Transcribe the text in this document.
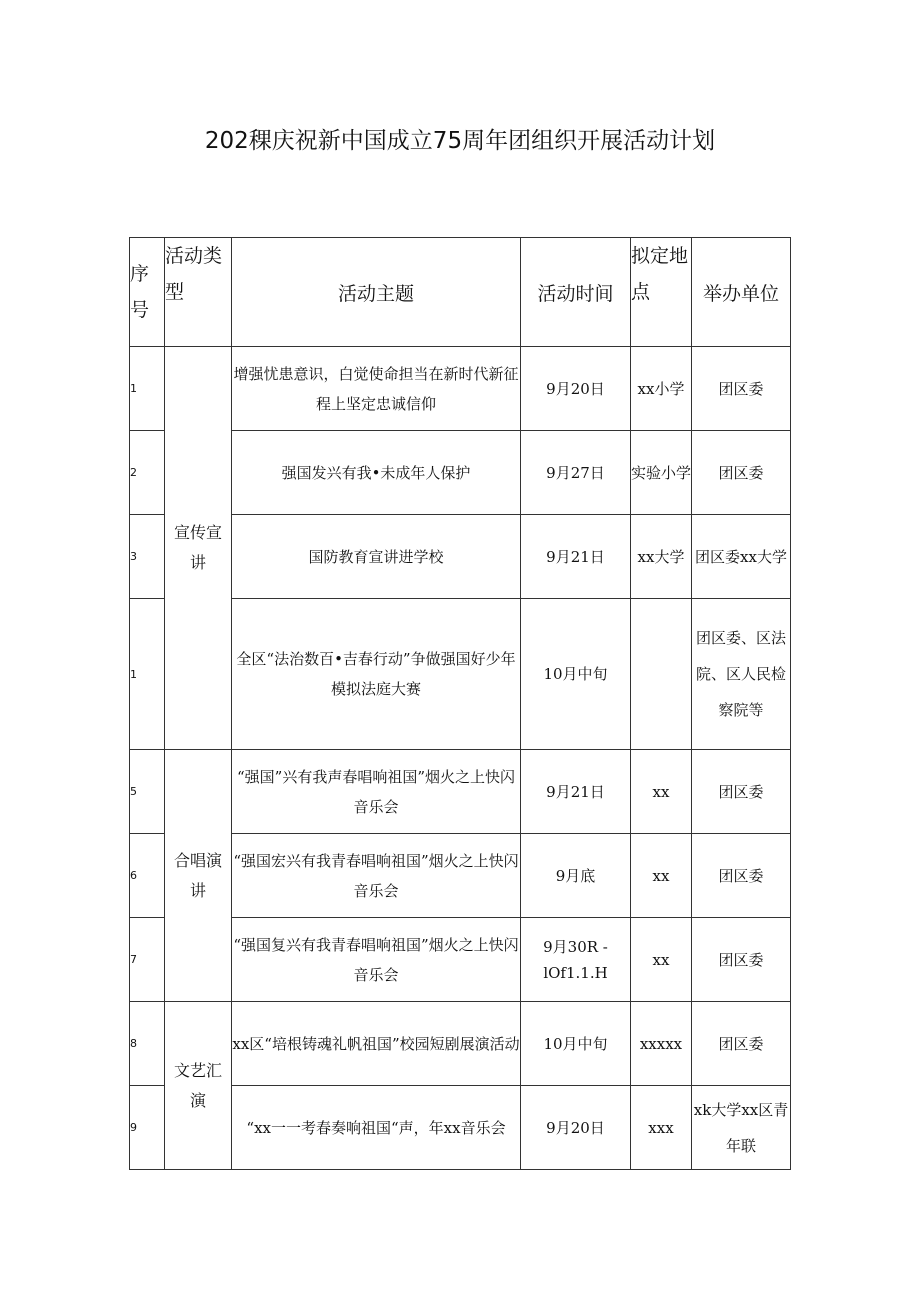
202稞庆祝新中国成立75周年团组织开展活动计划
序号	活动类型	活动主题	活动时间	拟定地点	举办单位
1	宣传宣讲	增强忧患意识，白觉使命担当在新时代新征程上坚定忠诚信仰	9月20日	xx小学	团区委
2		强国发兴有我•未成年人保护	9月27日	实验小学	团区委
3		国防教育宣讲进学校	9月21日	xx大学	团区委xx大学
1		全区“法治数百•吉春行动”争做强国好少年模拟法庭大赛	10月中旬		团区委、区法院、区人民检察院等
5	合唱演讲	“强国”兴有我声春唱响祖国”烟火之上快闪音乐会	9月21日	xx	团区委
6		“强国宏兴有我青春唱响祖国”烟火之上快闪音乐会	9月底	xx	团区委
7		“强国复兴有我青春唱响祖国”烟火之上快闪音乐会	9月30R -lOf1.1.H	xx	团区委
8	文艺汇演	xx区“培根铸魂礼帆祖国”校园短剧展演活动	10月中旬	xxxxx	团区委
9		“xx一一考春奏响祖国“声，年xx音乐会	9月20日	xxx	xk大学xx区青年联
